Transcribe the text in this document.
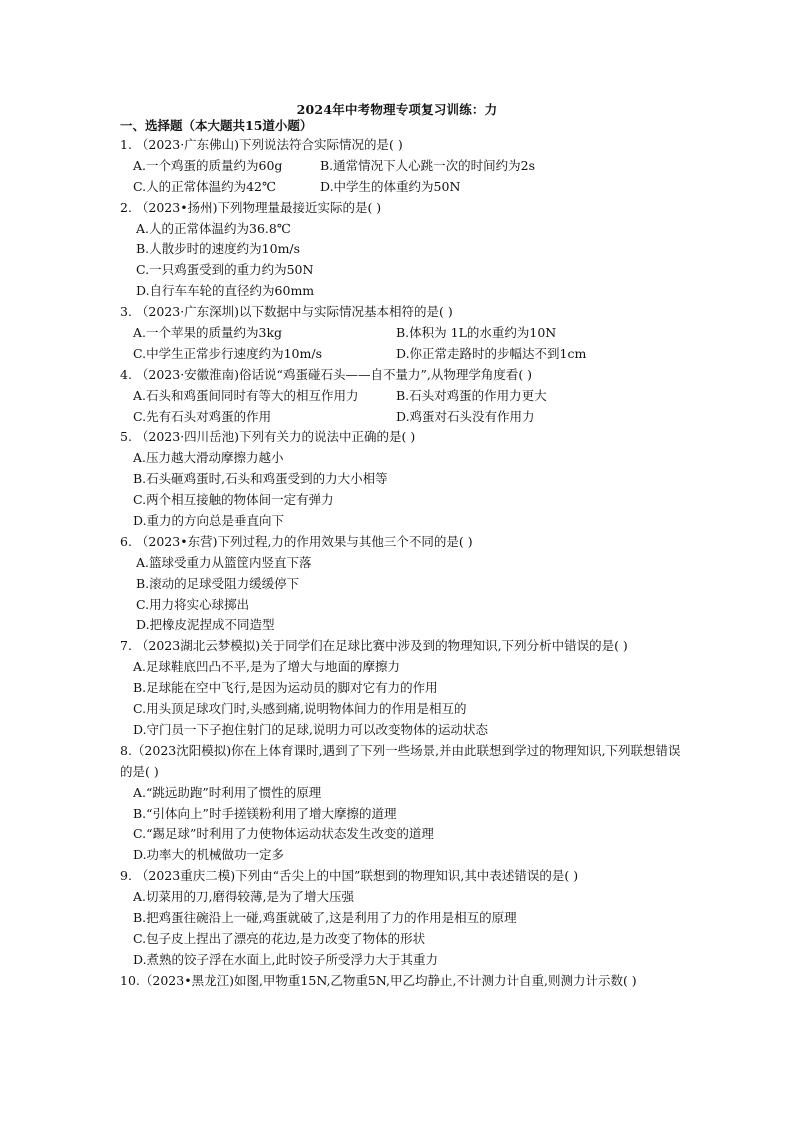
2024年中考物理专项复习训练：力
一、选择题（本大题共15道小题）
1. （2023·广东佛山)下列说法符合实际情况的是( )
A.一个鸡蛋的质量约为60g	B.通常情况下人心跳一次的时间约为2s
C.人的正常体温约为42℃	D.中学生的体重约为50N
2. （2023•扬州)下列物理量最接近实际的是( )
A.人的正常体温约为36.8℃
B.人散步时的速度约为10m/s
C.一只鸡蛋受到的重力约为50N
D.自行车车轮的直径约为60mm
3. （2023·广东深圳)以下数据中与实际情况基本相符的是( )
A.一个苹果的质量约为3kg	B.体积为 1L的水重约为10N
C.中学生正常步行速度约为10m/s	D.你正常走路时的步幅达不到1cm
4. （2023·安徽淮南)俗话说“鸡蛋碰石头——自不量力”,从物理学角度看( )
A.石头和鸡蛋间同时有等大的相互作用力	B.石头对鸡蛋的作用力更大
C.先有石头对鸡蛋的作用	D.鸡蛋对石头没有作用力
5. （2023·四川岳池)下列有关力的说法中正确的是( )
A.压力越大滑动摩擦力越小
B.石头砸鸡蛋时,石头和鸡蛋受到的力大小相等
C.两个相互接触的物体间一定有弹力
D.重力的方向总是垂直向下
6. （2023•东营)下列过程,力的作用效果与其他三个不同的是( )
A.篮球受重力从篮筐内竖直下落
B.滚动的足球受阻力缓缓停下
C.用力将实心球掷出
D.把橡皮泥捏成不同造型
7. （2023湖北云梦模拟)关于同学们在足球比赛中涉及到的物理知识,下列分析中错误的是( )
A.足球鞋底凹凸不平,是为了增大与地面的摩擦力
B.足球能在空中飞行,是因为运动员的脚对它有力的作用
C.用头顶足球攻门时,头感到痛,说明物体间力的作用是相互的
D.守门员一下子抱住射门的足球,说明力可以改变物体的运动状态
8.（2023沈阳模拟)你在上体育课时,遇到了下列一些场景,并由此联想到学过的物理知识,下列联想错误的是( )
A.“跳远助跑”时利用了惯性的原理
B.“引体向上”时手搓镁粉利用了增大摩擦的道理
C.“踢足球”时利用了力使物体运动状态发生改变的道理
D.功率大的机械做功一定多
9. （2023重庆二模)下列由“舌尖上的中国”联想到的物理知识,其中表述错误的是( )
A.切菜用的刀,磨得较薄,是为了增大压强
B.把鸡蛋往碗沿上一碰,鸡蛋就破了,这是利用了力的作用是相互的原理
C.包子皮上捏出了漂亮的花边,是力改变了物体的形状
D.煮熟的饺子浮在水面上,此时饺子所受浮力大于其重力
10.（2023•黑龙江)如图,甲物重15N,乙物重5N,甲乙均静止,不计测力计自重,则测力计示数( )
